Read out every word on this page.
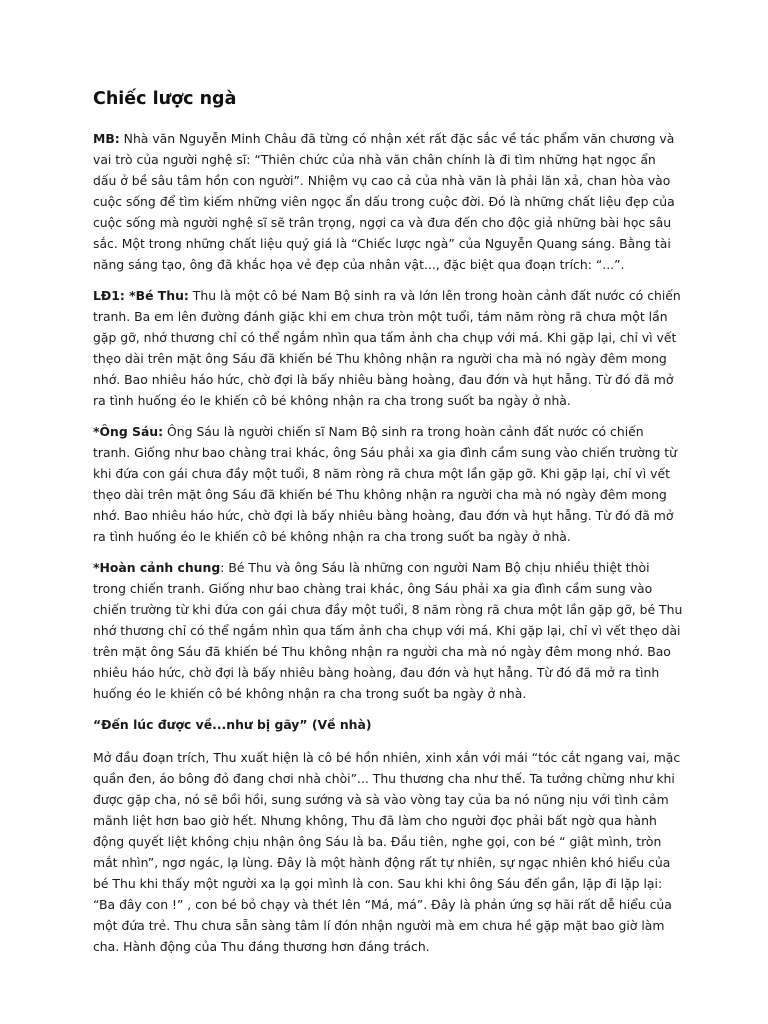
Chiếc lược ngà

MB: Nhà văn Nguyễn Minh Châu đã từng có nhận xét rất đặc sắc về tác phẩm văn chương và vai trò của người nghệ sĩ: “Thiên chức của nhà văn chân chính là đi tìm những hạt ngọc ẩn dấu ở bề sâu tâm hồn con người”. Nhiệm vụ cao cả của nhà văn là phải lăn xả, chan hòa vào cuộc sống để tìm kiếm những viên ngọc ẩn dấu trong cuộc đời. Đó là những chất liệu đẹp của cuộc sống mà người nghệ sĩ sẽ trân trọng, ngợi ca và đưa đến cho độc giả những bài học sâu sắc. Một trong những chất liệu quý giá là “Chiếc lược ngà” của Nguyễn Quang sáng. Bằng tài năng sáng tạo, ông đã khắc họa vẻ đẹp của nhân vật..., đặc biệt qua đoạn trích: “...”.

LĐ1: *Bé Thu: Thu là một cô bé Nam Bộ sinh ra và lớn lên trong hoàn cảnh đất nước có chiến tranh. Ba em lên đường đánh giặc khi em chưa tròn một tuổi, tám năm ròng rã chưa một lần gặp gỡ, nhớ thương chỉ có thể ngắm nhìn qua tấm ảnh cha chụp với má. Khi gặp lại, chỉ vì vết thẹo dài trên mặt ông Sáu đã khiến bé Thu không nhận ra người cha mà nó ngày đêm mong nhớ. Bao nhiêu háo hức, chờ đợi là bấy nhiêu bàng hoàng, đau đớn và hụt hẫng. Từ đó đã mở ra tình huống éo le khiến cô bé không nhận ra cha trong suốt ba ngày ở nhà.

*Ông Sáu: Ông Sáu là người chiến sĩ Nam Bộ sinh ra trong hoàn cảnh đất nước có chiến tranh. Giống như bao chàng trai khác, ông Sáu phải xa gia đình cầm sung vào chiến trường từ khi đứa con gái chưa đầy một tuổi, 8 năm ròng rã chưa một lần gặp gỡ. Khi gặp lại, chỉ vì vết thẹo dài trên mặt ông Sáu đã khiến bé Thu không nhận ra người cha mà nó ngày đêm mong nhớ. Bao nhiêu háo hức, chờ đợi là bấy nhiêu bàng hoàng, đau đớn và hụt hẫng. Từ đó đã mở ra tình huống éo le khiến cô bé không nhận ra cha trong suốt ba ngày ở nhà.

*Hoàn cảnh chung: Bé Thu và ông Sáu là những con người Nam Bộ chịu nhiều thiệt thòi trong chiến tranh. Giống như bao chàng trai khác, ông Sáu phải xa gia đình cầm sung vào chiến trường từ khi đứa con gái chưa đầy một tuổi, 8 năm ròng rã chưa một lần gặp gỡ, bé Thu nhớ thương chỉ có thể ngắm nhìn qua tấm ảnh cha chụp với má. Khi gặp lại, chỉ vì vết thẹo dài trên mặt ông Sáu đã khiến bé Thu không nhận ra người cha mà nó ngày đêm mong nhớ. Bao nhiêu háo hức, chờ đợi là bấy nhiêu bàng hoàng, đau đớn và hụt hẫng. Từ đó đã mở ra tình huống éo le khiến cô bé không nhận ra cha trong suốt ba ngày ở nhà.

“Đến lúc được về...như bị gãy” (Về nhà)

Mở đầu đoạn trích, Thu xuất hiện là cô bé hồn nhiên, xinh xắn với mái “tóc cắt ngang vai, mặc quần đen, áo bông đỏ đang chơi nhà chòi”... Thu thương cha như thế. Ta tưởng chừng như khi được gặp cha, nó sẽ bồi hồi, sung sướng và sà vào vòng tay của ba nó nũng nịu với tình cảm mãnh liệt hơn bao giờ hết. Nhưng không, Thu đã làm cho người đọc phải bất ngờ qua hành động quyết liệt không chịu nhận ông Sáu là ba. Đầu tiên, nghe gọi, con bé “ giật mình, tròn mắt nhìn”, ngơ ngác, lạ lùng. Đây là một hành động rất tự nhiên, sự ngạc nhiên khó hiểu của bé Thu khi thấy một người xa lạ gọi mình là con. Sau khi khi ông Sáu đến gần, lặp đi lặp lại: “Ba đây con !” , con bé bỏ chạy và thét lên “Má, má”. Đây là phản ứng sợ hãi rất dễ hiểu của một đứa trẻ. Thu chưa sẵn sàng tâm lí đón nhận người mà em chưa hề gặp mặt bao giờ làm cha. Hành động của Thu đáng thương hơn đáng trách.
